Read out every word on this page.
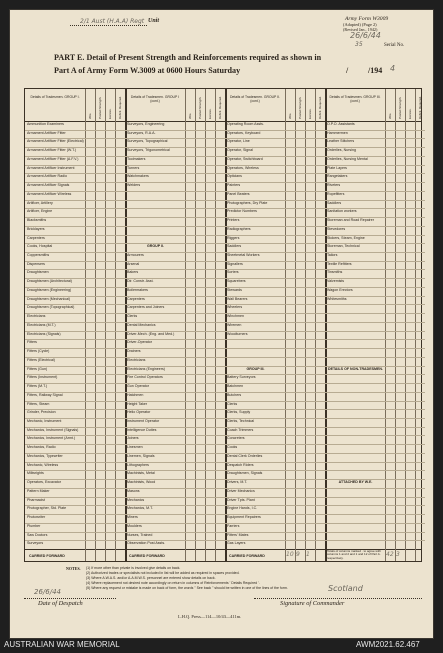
2/1 Aust (H.A.A) Regt Unit	Army Form W3009
(Adapted) (Page 2)
(Revised Jan., 1942)
26/6/44
35	Serial No.
PART E. Detail of Present Strength and Reinforcements required as shown in
Part A of Army Form W.3009 at 0600 Hours Saturday	/ /194 4
Details of Tradesmen. GROUP I.
W.E. Posted Strength. Excess. Deficit. Required.
Ammunition Examiners
Armament Artificer Fitter
Armament Artificer Fitter (Electrical)
Armament Artificer Fitter (W.T.)
Armament Artificer Fitter (A.F.V.)
Armament Artificer Instrument
Armament Artificer Radio
Armament Artificer Signals
Armament Artificer Wireless
Artificer, Artillery
Artificer, Engine
Blacksmiths
Bricklayers
Carpenters
Cooks, Hospital
Coppersmiths
Dispensers
Draughtsmen
Draughtsmen (Architectural)
Draughtsmen (Engineering)
Draughtsmen (Mechanical)
Draughtsmen (Topographical)
Electricians
Electricians (M.T.)
Electricians (Signals)
Fitters
Fitters (Cycle)
Fitters (Electrical)
Fitters (Gun)
Fitters (Instrument)
Fitters (M.T.)
Fitters, Railway Signal
Fitters, Steam
Grinder, Precision
Mechanic, Instrument
Mechanics, Instrument (Signals)
Mechanics, Instrument (Armt.)
Mechanics, Radio
Mechanics, Typewriter
Mechanic, Wireless
Millwrights
Operators, Excavator
Pattern Maker
Pharmacist
Photographer, Std. Plate
Photowriter
Plumber
Saw Doctors
Surveyors
CARRIED FORWARD
Details of Tradesmen. GROUP I (cont.)
W.E. Posted Strength. Excess. Deficit. Required.
Surveyors, Engineering
Surveyors, R.A.A.
Surveyors, Topographical
Surveyors, Trigonometrical
Toolmakers
Turners
Watchmakers
Welders
GROUP II.
Armourers
Arsenal
Bakers
Dir. Constr. Asst.
Boilermakers
Carpenters
Carpenters and Joiners
Clerks
Dental Mechanics
Driver-Mech. (Eng. and Med.)
Driver-Operator
Drainers
Electricians
Electricians (Engineers)
Fire Control Operators
Gun Operator
Hatchmen
Height Taker
Helio Operator
Instrument Operator
Intelligence Duties
Joiners
Linesmen
Linemen, Signals
Lithographers
Machinists, Metal
Machinists, Wood
Masons
Mechanics
Mechanics, M.T.
Miners
Moulders
Nurses, Trained
Observation Post Assts.
CARRIED FORWARD
Details of Tradesmen. GROUP II. (cont.)
W.E. Posted Strength. Excess. Deficit. Required.
Operating Room Assts.
Operators, Keyboard
Operator, Line
Operator, Signal
Operator, Switchboard
Operators, Wireless
Opticians
Painters
Panel Beaters
Photographers, Dry Plate
Predictor Numbers
Printers
Radiographers
Riggers
Saddlers
Sheetmetal Workers
Signallers
Sorters
Squarebers
Stewards
Wall Bearers
Wheelers
Winchmen
Wiremen
Woodturners
GROUP III.
Battery Surveyors
Batchmen
Butchers
Clerks
Clerks, Supply
Clerks, Technical
Coach Trimmers
Concreters
Cooks
Dental Clerk Orderlies
Despatch Riders
Draughtsmen, Signals
Drivers, M.T.
Driver Mechanics
Driver Tpts. Plant
Engine Hands, I.C.
Equipment Repairers
Farriers
Fitters' Mates
Gas Layers
CARRIED FORWARD
Details of Tradesmen. GROUP III. (cont.)
W.E. Posted Strength. Excess. Deficit. Required.
O.P.O. Assistants
Hammermen
Leather Stitchers
Orderlies, Nursing
Orderlies, Nursing Mental
Plate Layers
Rangetakers
Riveters
Ropefitters
Saddlers
Sanitation workers
Storeman and Road Repairer
Stevedores
Stokers, Steam, Engine
Storeman, Technical
Tailors
Textile Refitters
Tinsmiths
Valvemists
Wagon Erectors
Whitesmiths
DETAILS OF NON-TRADESMEN.
ATTACHED BY W.E.
Totals of columns marked · to agree with columns 1 and 2 and 1 and 12 of Part A. respectively.
10 9 1	42 3
NOTES. (1) If more other than private is involved give details on back.
(2) Authorized trades or specialists not included in list will be added as required in spaces provided.
(3) Where A.W.A.S. and/or A.A.M.W.S. personnel are entered show details on back.
(4) Where replacement not desired note accordingly on return in columns of Reinforcements ' Details Required '.
(5) Where any request or mistake is made on back of form, the words " See back " should be written in one of the lines of the form.
26/6/44
Date of Despatch
Scotland
Signature of Commander
L.H.Q. Press—114—10/43—411m.
AUSTRALIAN WAR MEMORIAL	AWM2021.62.467
